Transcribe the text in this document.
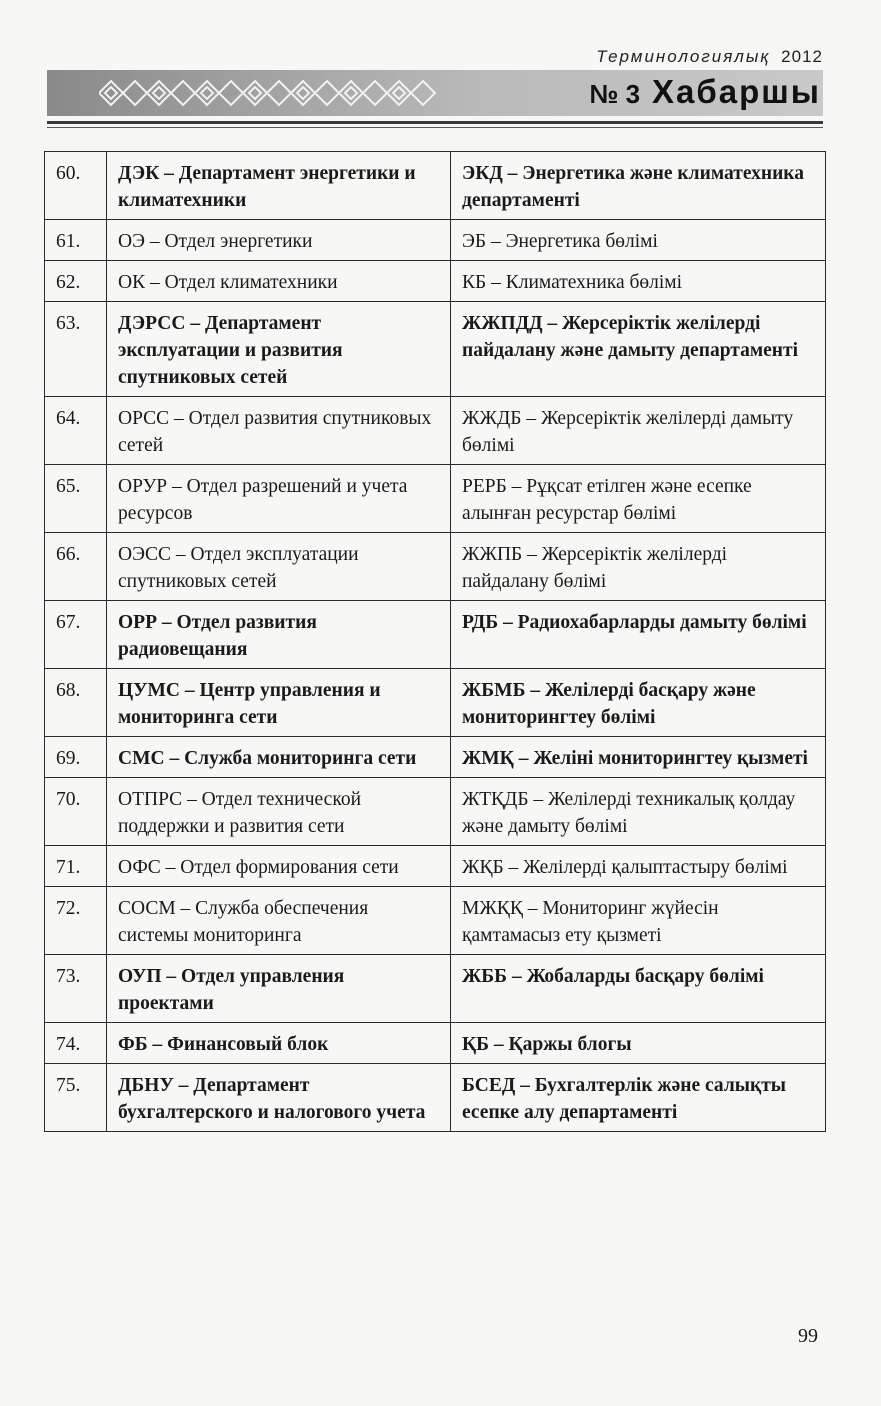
Терминологиялық 2012
№ 3 Хабаршы
60.	ДЭК – Департамент энергетики и климатехники	ЭКД – Энергетика және климатехника департаменті
61.	ОЭ – Отдел энергетики	ЭБ – Энергетика бөлімі
62.	ОК – Отдел климатехники	КБ – Климатехника бөлімі
63.	ДЭРСС – Департамент эксплуатации и развития спутниковых сетей	ЖЖПДД – Жерсеріктік желілерді пайдалану және дамыту департаменті
64.	ОРСС – Отдел развития спутниковых сетей	ЖЖДБ – Жерсеріктік желілерді дамыту бөлімі
65.	ОРУР – Отдел разрешений и учета ресурсов	РЕРБ – Рұқсат етілген және есепке алынған ресурстар бөлімі
66.	ОЭСС – Отдел эксплуатации спутниковых сетей	ЖЖПБ – Жерсеріктік желілерді пайдалану бөлімі
67.	ОРР – Отдел развития радиовещания	РДБ – Радиохабарларды дамыту бөлімі
68.	ЦУМС – Центр управления и мониторинга сети	ЖБМБ – Желілерді басқару және мониторингтеу бөлімі
69.	СМС – Служба мониторинга сети	ЖМҚ – Желіні мониторингтеу қызметі
70.	ОТПРС – Отдел технической поддержки и развития сети	ЖТҚДБ – Желілерді техникалық қолдау және дамыту бөлімі
71.	ОФС – Отдел формирования сети	ЖҚБ – Желілерді қалыптастыру бөлімі
72.	СОСМ – Служба обеспечения системы мониторинга	МЖҚҚ – Мониторинг жүйесін қамтамасыз ету қызметі
73.	ОУП – Отдел управления проектами	ЖББ – Жобаларды басқару бөлімі
74.	ФБ – Финансовый блок	ҚБ – Қаржы блогы
75.	ДБНУ – Департамент бухгалтерского и налогового учета	БСЕД – Бухгалтерлік және салықты есепке алу департаменті
99
